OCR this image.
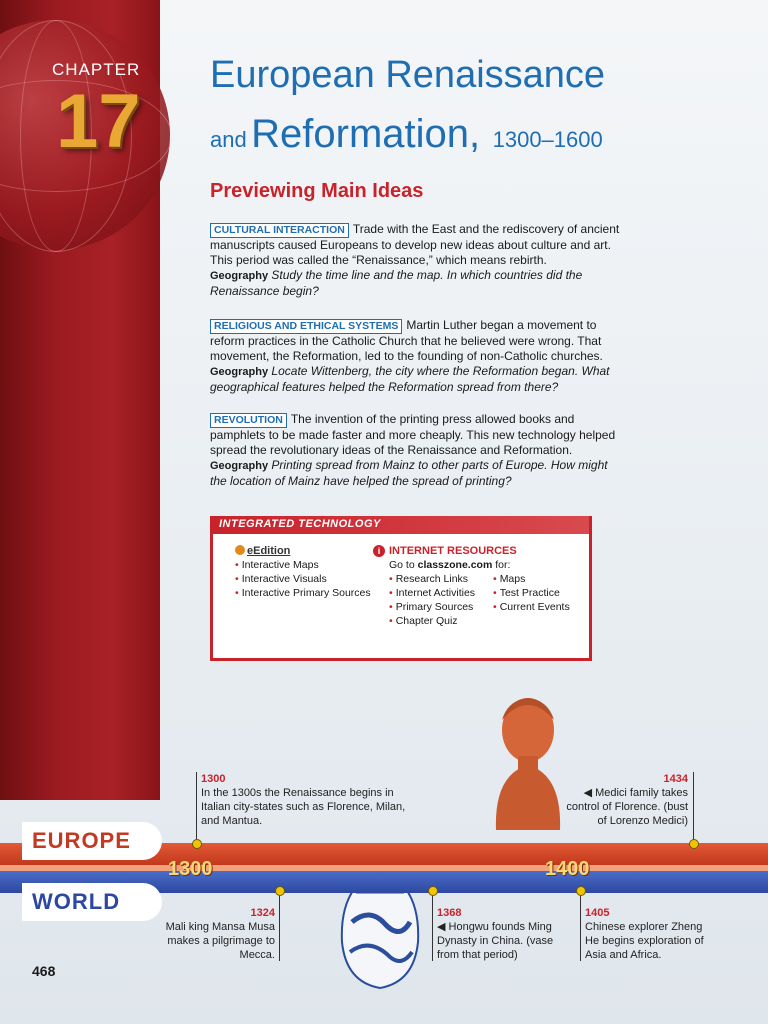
CHAPTER
17
European Renaissance
and Reformation, 1300–1600
Previewing Main Ideas
CULTURAL INTERACTION Trade with the East and the rediscovery of ancient manuscripts caused Europeans to develop new ideas about culture and art. This period was called the “Renaissance,” which means rebirth.
Geography Study the time line and the map. In which countries did the Renaissance begin?
RELIGIOUS AND ETHICAL SYSTEMS Martin Luther began a movement to reform practices in the Catholic Church that he believed were wrong. That movement, the Reformation, led to the founding of non-Catholic churches.
Geography Locate Wittenberg, the city where the Reformation began. What geographical features helped the Reformation spread from there?
REVOLUTION The invention of the printing press allowed books and pamphlets to be made faster and more cheaply. This new technology helped spread the revolutionary ideas of the Renaissance and Reformation.
Geography Printing spread from Mainz to other parts of Europe. How might the location of Mainz have helped the spread of printing?
INTEGRATED TECHNOLOGY
eEdition
• Interactive Maps
• Interactive Visuals
• Interactive Primary Sources
i INTERNET RESOURCES
Go to classzone.com for:
• Research Links
• Internet Activities
• Primary Sources
• Chapter Quiz
• Maps
• Test Practice
• Current Events
EUROPE
WORLD
1300	1400
1300
In the 1300s the Renaissance begins in Italian city-states such as Florence, Milan, and Mantua.
1434
◀ Medici family takes control of Florence. (bust of Lorenzo Medici)
1324
Mali king Mansa Musa makes a pilgrimage to Mecca.
1368
◀ Hongwu founds Ming Dynasty in China. (vase from that period)
1405
Chinese explorer Zheng He begins exploration of Asia and Africa.
468
